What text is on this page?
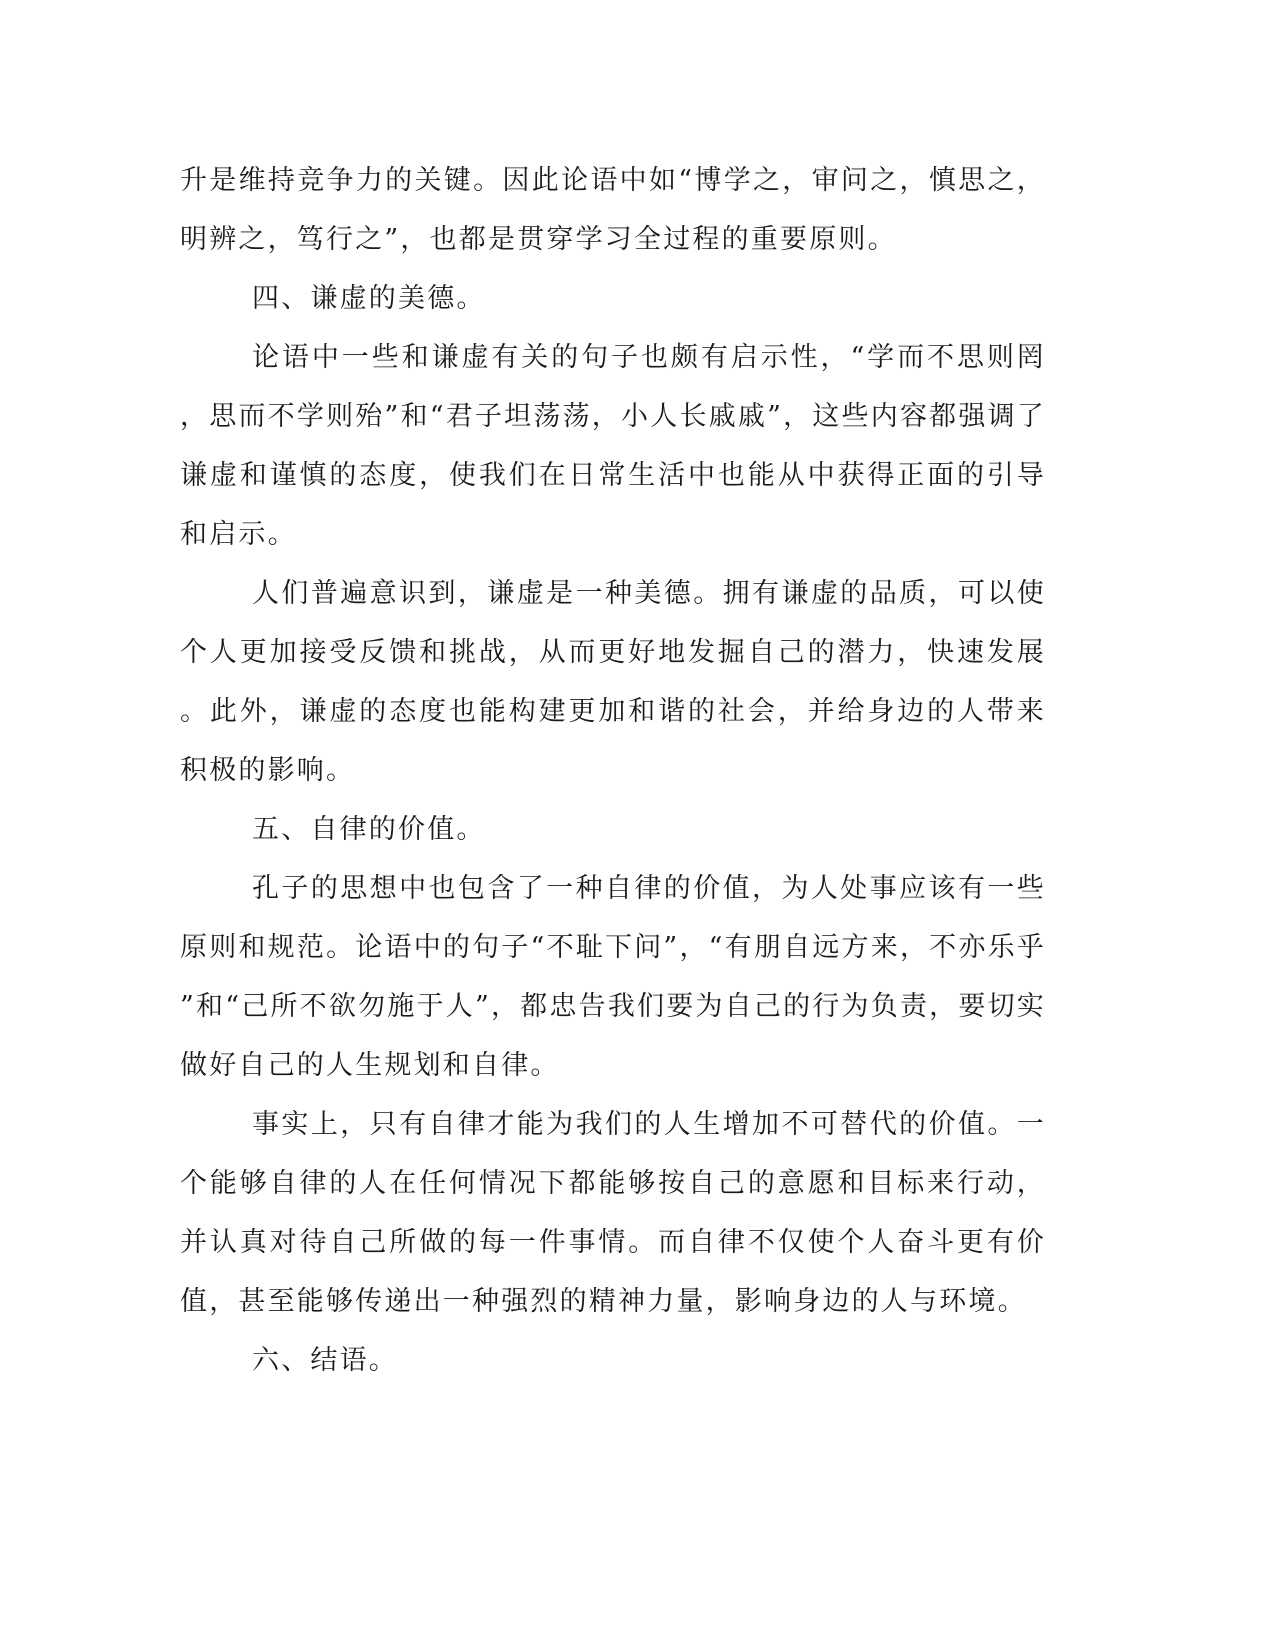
升是维持竞争力的关键。因此论语中如“博学之，审问之，慎思之，明辨之，笃行之”，也都是贯穿学习全过程的重要原则。

四、谦虚的美德。

论语中一些和谦虚有关的句子也颇有启示性，“学而不思则罔，思而不学则殆”和“君子坦荡荡，小人长戚戚”，这些内容都强调了谦虚和谨慎的态度，使我们在日常生活中也能从中获得正面的引导和启示。

人们普遍意识到，谦虚是一种美德。拥有谦虚的品质，可以使个人更加接受反馈和挑战，从而更好地发掘自己的潜力，快速发展。此外，谦虚的态度也能构建更加和谐的社会，并给身边的人带来积极的影响。

五、自律的价值。

孔子的思想中也包含了一种自律的价值，为人处事应该有一些原则和规范。论语中的句子“不耻下问”，“有朋自远方来，不亦乐乎”和“己所不欲勿施于人”，都忠告我们要为自己的行为负责，要切实做好自己的人生规划和自律。

事实上，只有自律才能为我们的人生增加不可替代的价值。一个能够自律的人在任何情况下都能够按自己的意愿和目标来行动，并认真对待自己所做的每一件事情。而自律不仅使个人奋斗更有价值，甚至能够传递出一种强烈的精神力量，影响身边的人与环境。

六、结语。
